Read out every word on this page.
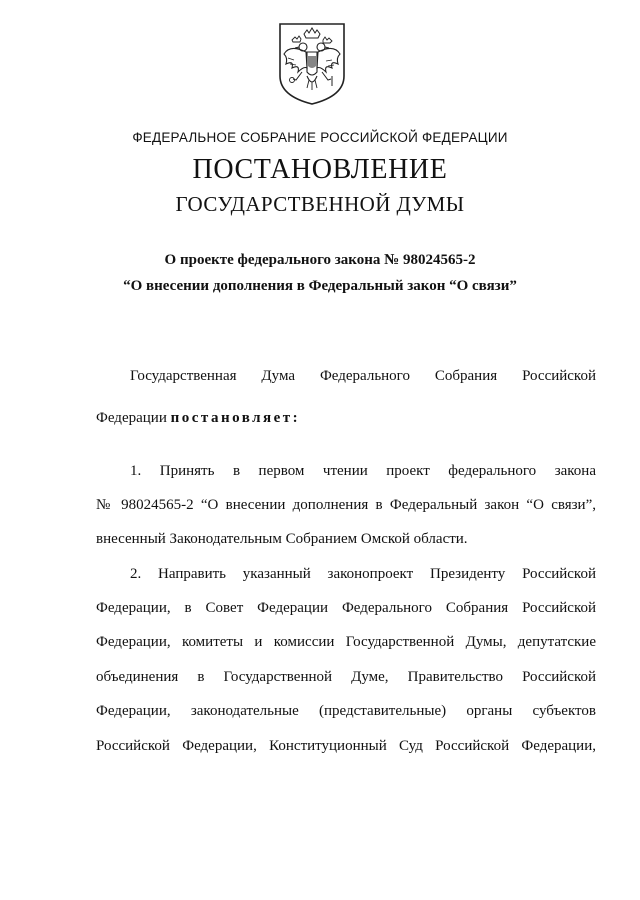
ФЕДЕРАЛЬНОЕ СОБРАНИЕ РОССИЙСКОЙ ФЕДЕРАЦИИ
ПОСТАНОВЛЕНИЕ
ГОСУДАРСТВЕННОЙ ДУМЫ
О проекте федерального закона № 98024565-2
“О внесении дополнения в Федеральный закон “О связи”
Государственная Дума Федерального Собрания Российской
Федерации постановляет:
1. Принять в первом чтении проект федерального закона
№ 98024565-2 “О внесении дополнения в Федеральный закон “О связи”,
внесенный Законодательным Собранием Омской области.
2. Направить указанный законопроект Президенту Российской
Федерации, в Совет Федерации Федерального Собрания Российской
Федерации, комитеты и комиссии Государственной Думы, депутатские
объединения в Государственной Думе, Правительство Российской
Федерации, законодательные (представительные) органы субъектов
Российской Федерации, Конституционный Суд Российской Федерации,
